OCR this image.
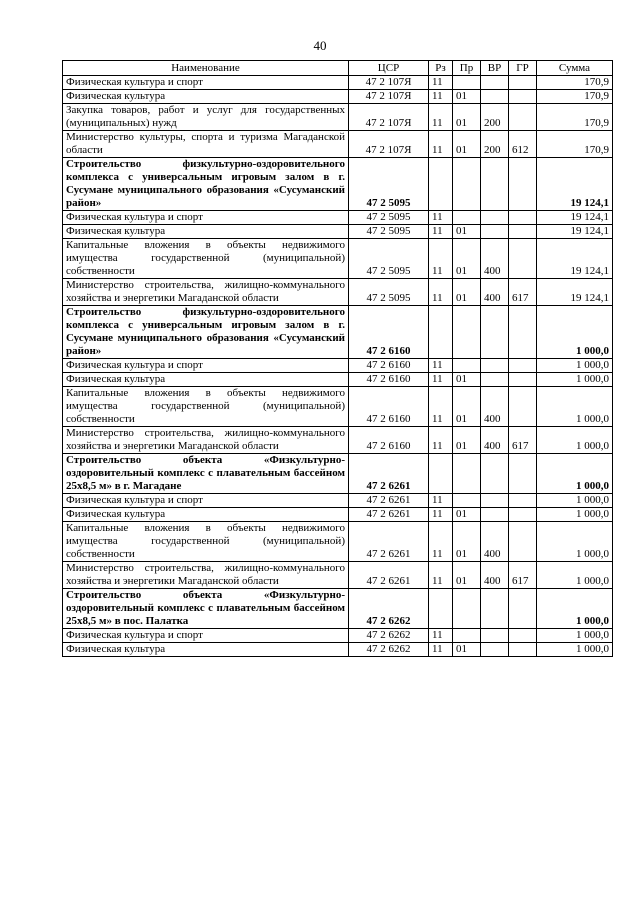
40
Наименование	ЦСР	Рз	Пр	ВР	ГР	Сумма
Физическая культура и спорт	47 2 107Я	11				170,9
Физическая культура	47 2 107Я	11	01			170,9
Закупка товаров, работ и услуг для государственных (муниципальных) нужд	47 2 107Я	11	01	200		170,9
Министерство культуры, спорта и туризма Магаданской области	47 2 107Я	11	01	200	612	170,9
Строительство физкультурно-оздоровительного комплекса с универсальным игровым залом в г. Сусумане муниципального образования «Сусуманский район»	47 2 5095					19 124,1
Физическая культура и спорт	47 2 5095	11				19 124,1
Физическая культура	47 2 5095	11	01			19 124,1
Капитальные вложения в объекты недвижимого имущества государственной (муниципальной) собственности	47 2 5095	11	01	400		19 124,1
Министерство строительства, жилищно-коммунального хозяйства и энергетики Магаданской области	47 2 5095	11	01	400	617	19 124,1
Строительство физкультурно-оздоровительного комплекса с универсальным игровым залом в г. Сусумане муниципального образования «Сусуманский район»	47 2 6160					1 000,0
Физическая культура и спорт	47 2 6160	11				1 000,0
Физическая культура	47 2 6160	11	01			1 000,0
Капитальные вложения в объекты недвижимого имущества государственной (муниципальной) собственности	47 2 6160	11	01	400		1 000,0
Министерство строительства, жилищно-коммунального хозяйства и энергетики Магаданской области	47 2 6160	11	01	400	617	1 000,0
Строительство объекта «Физкультурно-оздоровительный комплекс с плавательным бассейном 25х8,5 м» в г. Магадане	47 2 6261					1 000,0
Физическая культура и спорт	47 2 6261	11				1 000,0
Физическая культура	47 2 6261	11	01			1 000,0
Капитальные вложения в объекты недвижимого имущества государственной (муниципальной) собственности	47 2 6261	11	01	400		1 000,0
Министерство строительства, жилищно-коммунального хозяйства и энергетики Магаданской области	47 2 6261	11	01	400	617	1 000,0
Строительство объекта «Физкультурно-оздоровительный комплекс с плавательным бассейном 25х8,5 м» в пос. Палатка	47 2 6262					1 000,0
Физическая культура и спорт	47 2 6262	11				1 000,0
Физическая культура	47 2 6262	11	01			1 000,0
